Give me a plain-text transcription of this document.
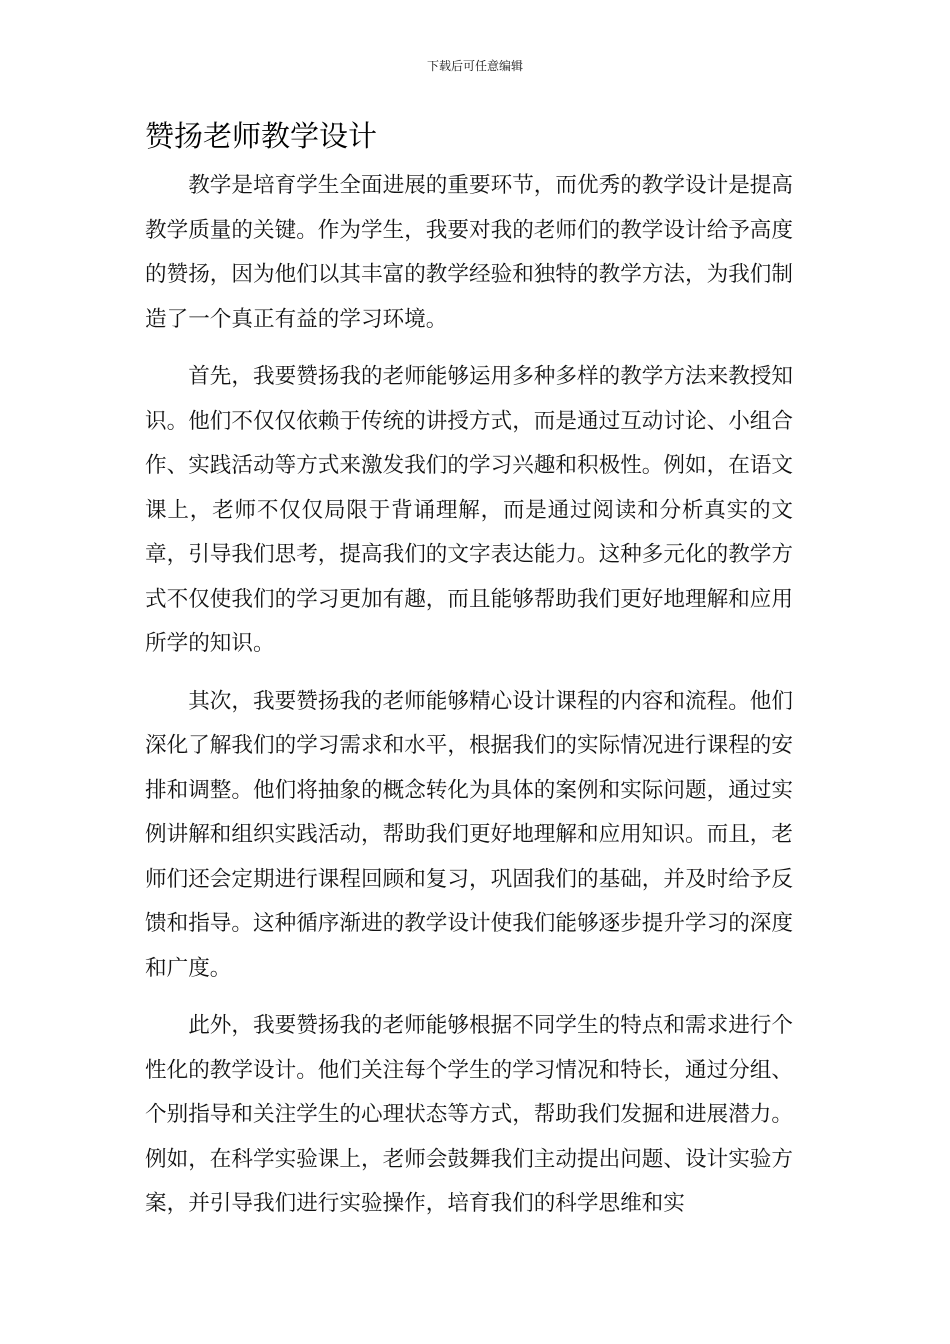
下载后可任意编辑
赞扬老师教学设计

教学是培育学生全面进展的重要环节，而优秀的教学设计是提高教学质量的关键。作为学生，我要对我的老师们的教学设计给予高度的赞扬，因为他们以其丰富的教学经验和独特的教学方法，为我们制造了一个真正有益的学习环境。

首先，我要赞扬我的老师能够运用多种多样的教学方法来教授知识。他们不仅仅依赖于传统的讲授方式，而是通过互动讨论、小组合作、实践活动等方式来激发我们的学习兴趣和积极性。例如，在语文课上，老师不仅仅局限于背诵理解，而是通过阅读和分析真实的文章，引导我们思考，提高我们的文字表达能力。这种多元化的教学方式不仅使我们的学习更加有趣，而且能够帮助我们更好地理解和应用所学的知识。

其次，我要赞扬我的老师能够精心设计课程的内容和流程。他们深化了解我们的学习需求和水平，根据我们的实际情况进行课程的安排和调整。他们将抽象的概念转化为具体的案例和实际问题，通过实例讲解和组织实践活动，帮助我们更好地理解和应用知识。而且，老师们还会定期进行课程回顾和复习，巩固我们的基础，并及时给予反馈和指导。这种循序渐进的教学设计使我们能够逐步提升学习的深度和广度。

此外，我要赞扬我的老师能够根据不同学生的特点和需求进行个性化的教学设计。他们关注每个学生的学习情况和特长，通过分组、个别指导和关注学生的心理状态等方式，帮助我们发掘和进展潜力。例如，在科学实验课上，老师会鼓舞我们主动提出问题、设计实验方案，并引导我们进行实验操作，培育我们的科学思维和实
